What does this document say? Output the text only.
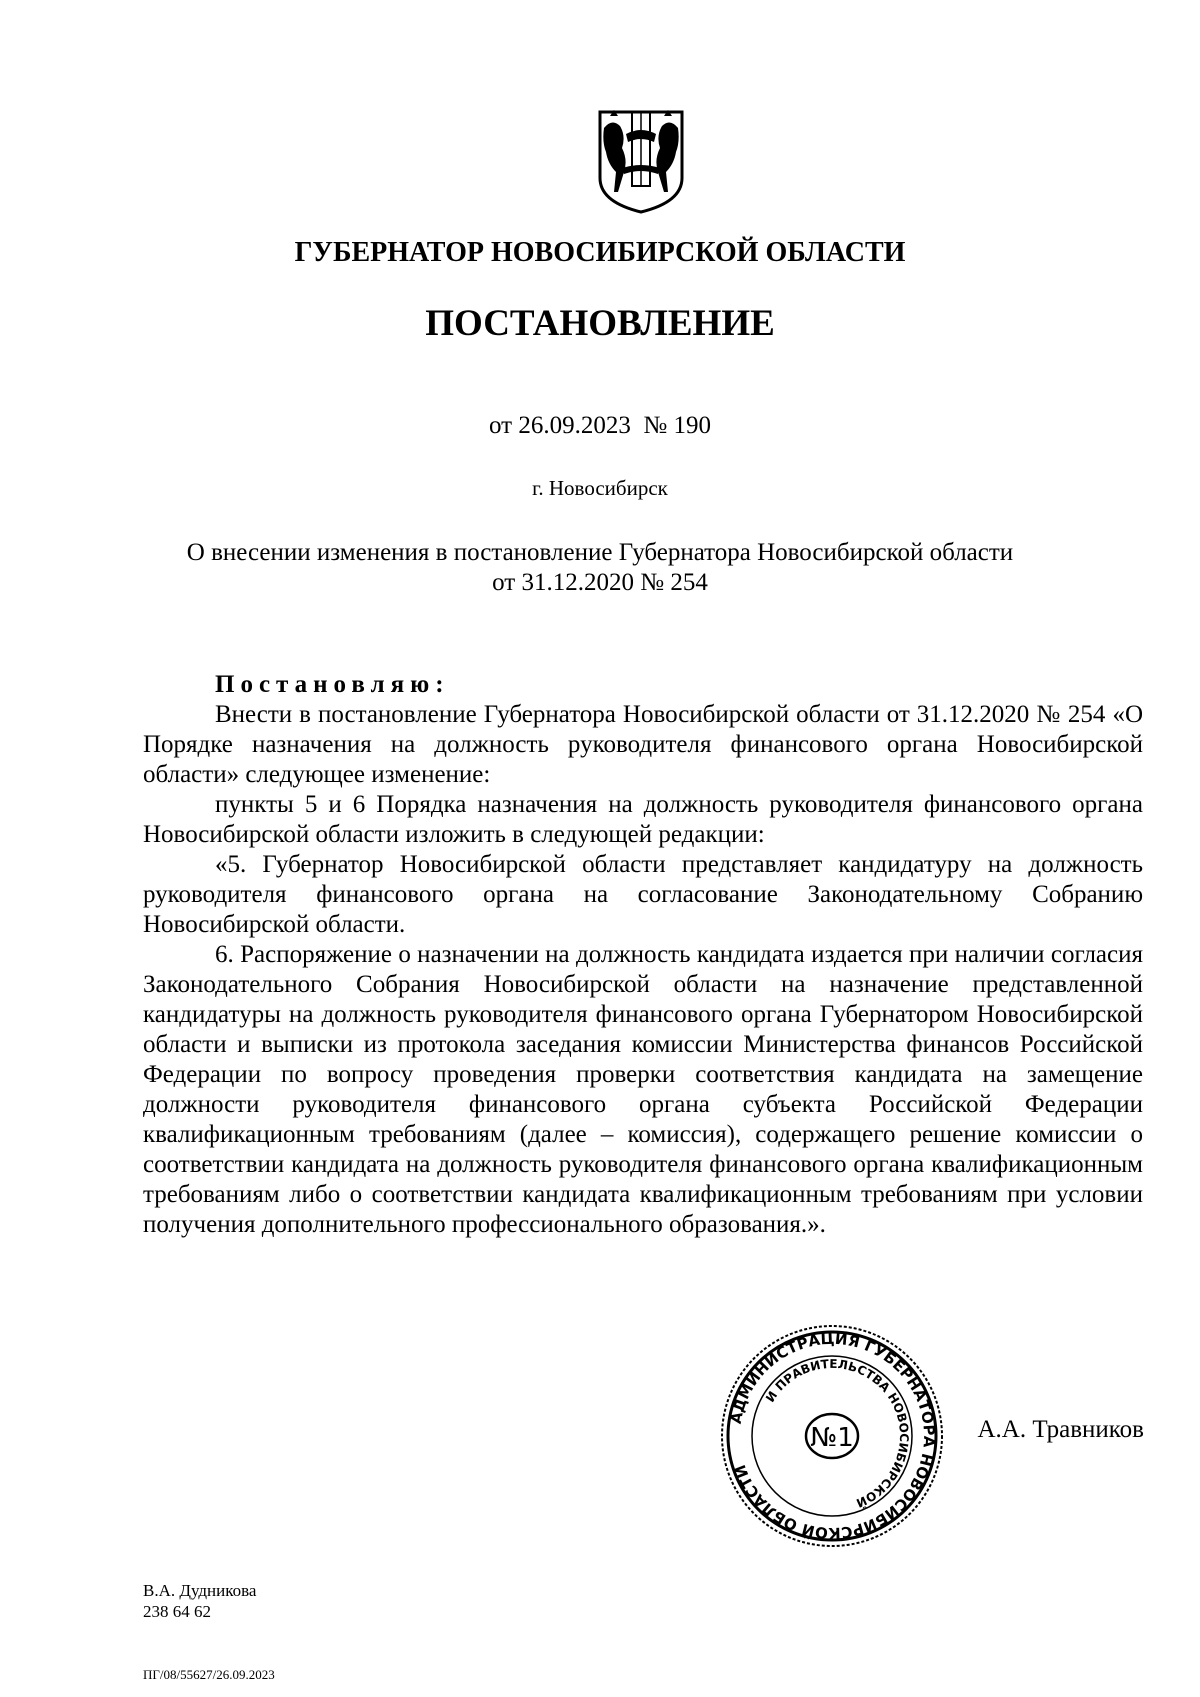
ГУБЕРНАТОР НОВОСИБИРСКОЙ ОБЛАСТИ
ПОСТАНОВЛЕНИЕ
от 26.09.2023  № 190
г. Новосибирск
О внесении изменения в постановление Губернатора Новосибирской области
от 31.12.2020 № 254
Постановляю:
Внести в постановление Губернатора Новосибирской области от 31.12.2020 № 254 «О Порядке назначения на должность руководителя финансового органа Новосибирской области» следующее изменение:
пункты 5 и 6 Порядка назначения на должность руководителя финансового органа Новосибирской области изложить в следующей редакции:
«5. Губернатор Новосибирской области представляет кандидатуру на должность руководителя финансового органа на согласование Законодательному Собранию Новосибирской области.
6. Распоряжение о назначении на должность кандидата издается при наличии согласия Законодательного Собрания Новосибирской области на назначение представленной кандидатуры на должность руководителя финансового органа Губернатором Новосибирской области и выписки из протокола заседания комиссии Министерства финансов Российской Федерации по вопросу проведения проверки соответствия кандидата на замещение должности руководителя финансового органа субъекта Российской Федерации квалификационным требованиям (далее – комиссия), содержащего решение комиссии о соответствии кандидата на должность руководителя финансового органа квалификационным требованиям либо о соответствии кандидата квалификационным требованиям при условии получения дополнительного профессионального образования.».
АДМИНИСТРАЦИЯ ГУБЕРНАТОРА НОВОСИБИРСКОЙ ОБЛАСТИ
И ПРАВИТЕЛЬСТВА НОВОСИБИРСКОЙ
№1	А.А. Травников
В.А. Дудникова
238 64 62
ПГ/08/55627/26.09.2023
